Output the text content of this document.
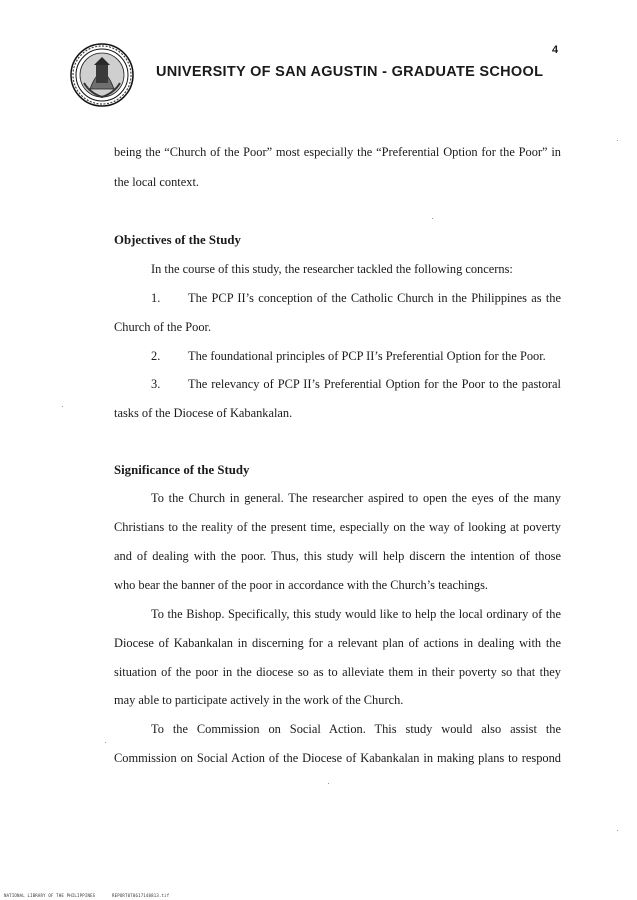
4
UNIVERSITY OF SAN AGUSTIN - GRADUATE SCHOOL
being the “Church of the Poor” most especially the “Preferential Option for the Poor” in
the local context.
Objectives of the Study
In the course of this study, the researcher tackled the following concerns:
1. The PCP II’s conception of the Catholic Church in the Philippines as the
Church of the Poor.
2. The foundational principles of PCP II’s Preferential Option for the Poor.
3. The relevancy of PCP II’s Preferential Option for the Poor to the pastoral
tasks of the Diocese of Kabankalan.
Significance of the Study
To the Church in general. The researcher aspired to open the eyes of the many
Christians to the reality of the present time, especially on the way of looking at poverty
and of dealing with the poor. Thus, this study will help discern the intention of those
who bear the banner of the poor in accordance with the Church’s teachings.
To the Bishop. Specifically, this study would like to help the local ordinary of the
Diocese of Kabankalan in discerning for a relevant plan of actions in dealing with the
situation of the poor in the diocese so as to alleviate them in their poverty so that they
may able to participate actively in the work of the Church.
To the Commission on Social Action. This study would also assist the
Commission on Social Action of the Diocese of Kabankalan in making plans to respond
NATIONAL LIBRARY OF THE PHILIPPINES	REPORT0T0617148813.tif
